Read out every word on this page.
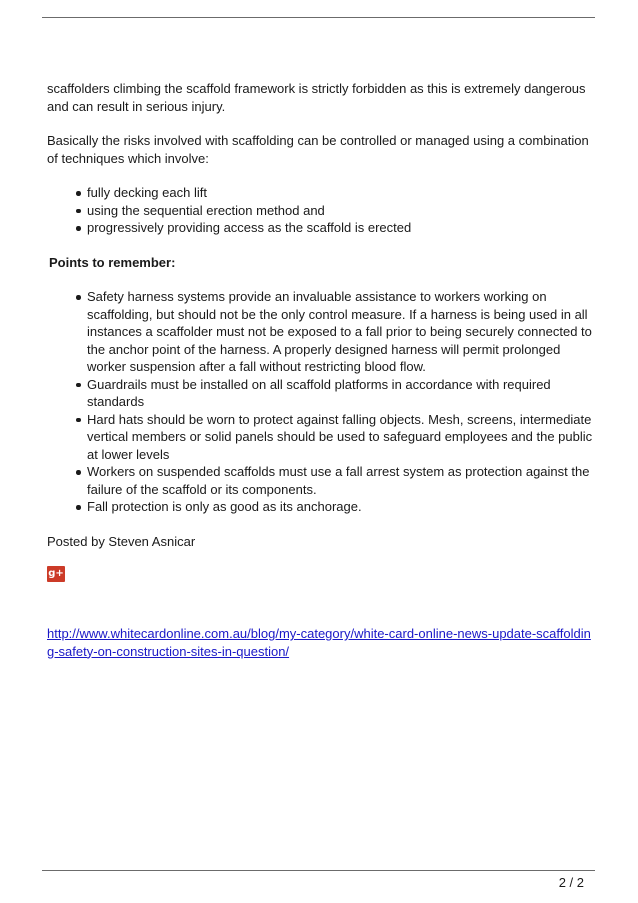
scaffolders climbing the scaffold framework is strictly forbidden as this is extremely dangerous and can result in serious injury.

Basically the risks involved with scaffolding can be controlled or managed using a combination of techniques which involve:

fully decking each lift
using the sequential erection method and
progressively providing access as the scaffold is erected

Points to remember:

Safety harness systems provide an invaluable assistance to workers working on scaffolding, but should not be the only control measure. If a harness is being used in all instances a scaffolder must not be exposed to a fall prior to being securely connected to the anchor point of the harness. A properly designed harness will permit prolonged worker suspension after a fall without restricting blood flow.
Guardrails must be installed on all scaffold platforms in accordance with required standards
Hard hats should be worn to protect against falling objects. Mesh, screens, intermediate vertical members or solid panels should be used to safeguard employees and the public at lower levels
Workers on suspended scaffolds must use a fall arrest system as protection against the failure of the scaffold or its components.
Fall protection is only as good as its anchorage.

Posted by Steven Asnicar

g+
http://www.whitecardonline.com.au/blog/my-category/white-card-online-news-update-scaffolding-safety-on-construction-sites-in-question/
2 / 2
